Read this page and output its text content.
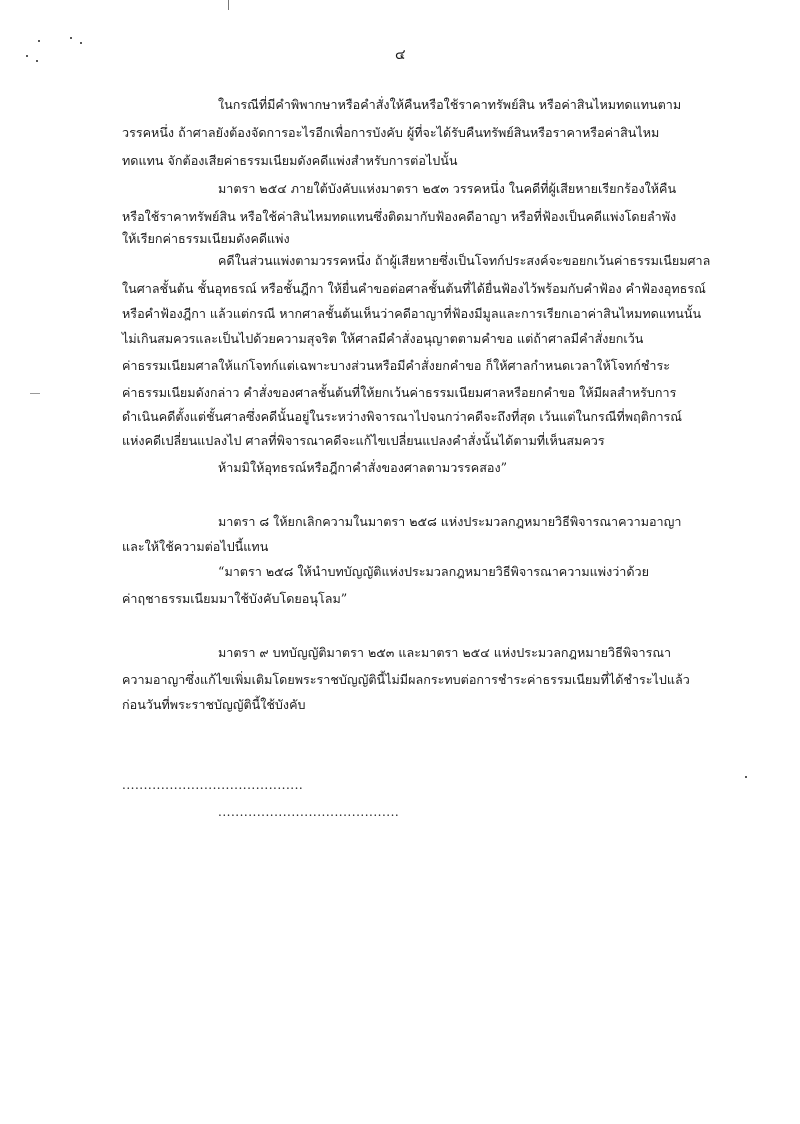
๔
ในกรณีที่มีคำพิพากษาหรือคำสั่งให้คืนหรือใช้ราคาทรัพย์สิน หรือค่าสินไหมทดแทนตาม
วรรคหนึ่ง ถ้าศาลยังต้องจัดการอะไรอีกเพื่อการบังคับ ผู้ที่จะได้รับคืนทรัพย์สินหรือราคาหรือค่าสินไหม
ทดแทน จักต้องเสียค่าธรรมเนียมดังคดีแพ่งสำหรับการต่อไปนั้น
มาตรา ๒๕๔ ภายใต้บังคับแห่งมาตรา ๒๕๓ วรรคหนึ่ง ในคดีที่ผู้เสียหายเรียกร้องให้คืน
หรือใช้ราคาทรัพย์สิน หรือใช้ค่าสินไหมทดแทนซึ่งติดมากับฟ้องคดีอาญา หรือที่ฟ้องเป็นคดีแพ่งโดยลำพัง
ให้เรียกค่าธรรมเนียมดังคดีแพ่ง
คดีในส่วนแพ่งตามวรรคหนึ่ง ถ้าผู้เสียหายซึ่งเป็นโจทก์ประสงค์จะขอยกเว้นค่าธรรมเนียมศาล
ในศาลชั้นต้น ชั้นอุทธรณ์ หรือชั้นฎีกา ให้ยื่นคำขอต่อศาลชั้นต้นที่ได้ยื่นฟ้องไว้พร้อมกับคำฟ้อง คำฟ้องอุทธรณ์
หรือคำฟ้องฎีกา แล้วแต่กรณี หากศาลชั้นต้นเห็นว่าคดีอาญาที่ฟ้องมีมูลและการเรียกเอาค่าสินไหมทดแทนนั้น
ไม่เกินสมควรและเป็นไปด้วยความสุจริต ให้ศาลมีคำสั่งอนุญาตตามคำขอ แต่ถ้าศาลมีคำสั่งยกเว้น
ค่าธรรมเนียมศาลให้แก่โจทก์แต่เฉพาะบางส่วนหรือมีคำสั่งยกคำขอ ก็ให้ศาลกำหนดเวลาให้โจทก์ชำระ
ค่าธรรมเนียมดังกล่าว คำสั่งของศาลชั้นต้นที่ให้ยกเว้นค่าธรรมเนียมศาลหรือยกคำขอ ให้มีผลสำหรับการ
ดำเนินคดีตั้งแต่ชั้นศาลซึ่งคดีนั้นอยู่ในระหว่างพิจารณาไปจนกว่าคดีจะถึงที่สุด เว้นแต่ในกรณีที่พฤติการณ์
แห่งคดีเปลี่ยนแปลงไป ศาลที่พิจารณาคดีจะแก้ไขเปลี่ยนแปลงคำสั่งนั้นได้ตามที่เห็นสมควร
ห้ามมิให้อุทธรณ์หรือฎีกาคำสั่งของศาลตามวรรคสอง”
มาตรา ๘ ให้ยกเลิกความในมาตรา ๒๕๘ แห่งประมวลกฎหมายวิธีพิจารณาความอาญา
และให้ใช้ความต่อไปนี้แทน
“มาตรา ๒๕๘ ให้นำบทบัญญัติแห่งประมวลกฎหมายวิธีพิจารณาความแพ่งว่าด้วย
ค่าฤชาธรรมเนียมมาใช้บังคับโดยอนุโลม”
มาตรา ๙ บทบัญญัติมาตรา ๒๕๓ และมาตรา ๒๕๔ แห่งประมวลกฎหมายวิธีพิจารณา
ความอาญาซึ่งแก้ไขเพิ่มเติมโดยพระราชบัญญัตินี้ไม่มีผลกระทบต่อการชำระค่าธรรมเนียมที่ได้ชำระไปแล้ว
ก่อนวันที่พระราชบัญญัตินี้ใช้บังคับ
..........................................
..........................................
